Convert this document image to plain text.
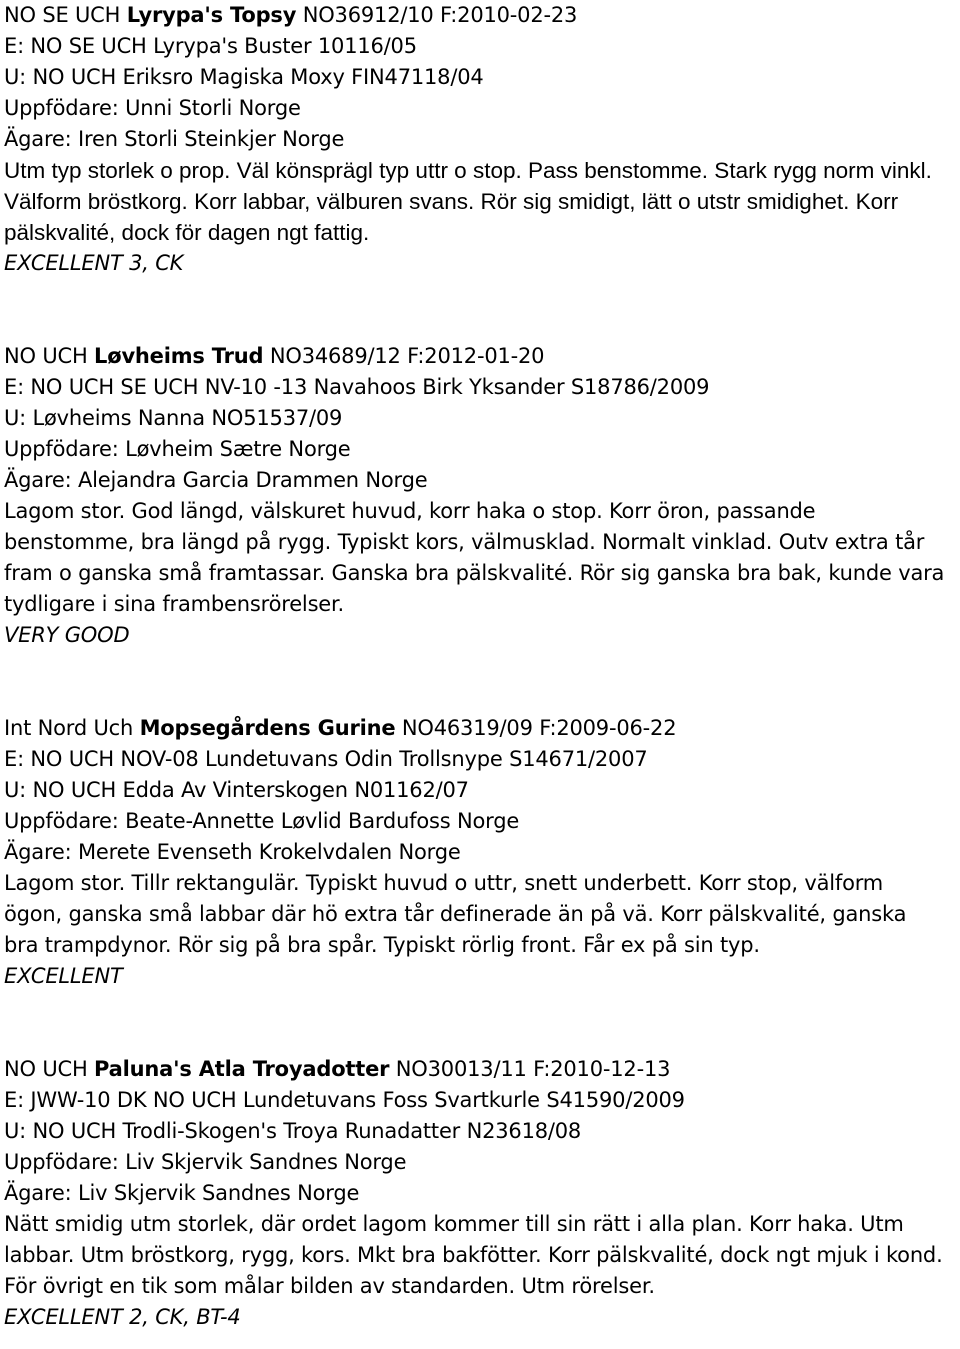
NO SE UCH Lyrypa's Topsy NO36912/10 F:2010-02-23
E: NO SE UCH Lyrypa's Buster 10116/05
U: NO UCH Eriksro Magiska Moxy FIN47118/04
Uppfödare: Unni Storli Norge
Ägare: Iren Storli Steinkjer Norge
Utm typ storlek o prop. Väl könsprägl typ uttr o stop. Pass benstomme. Stark rygg norm vinkl. Välform bröstkorg. Korr labbar, välburen svans. Rör sig smidigt, lätt o utstr smidighet. Korr pälskvalité, dock för dagen ngt fattig.
EXCELLENT 3, CK
NO UCH Løvheims Trud NO34689/12 F:2012-01-20
E: NO UCH SE UCH NV-10 -13 Navahoos Birk Yksander S18786/2009
U: Løvheims Nanna NO51537/09
Uppfödare: Løvheim Sætre Norge
Ägare: Alejandra Garcia Drammen Norge
Lagom stor. God längd, välskuret huvud, korr haka o stop. Korr öron, passande benstomme, bra längd på rygg. Typiskt kors, välmusklad. Normalt vinklad. Outv extra tår fram o ganska små framtassar. Ganska bra pälskvalité. Rör sig ganska bra bak, kunde vara tydligare i sina frambensrörelser.
VERY GOOD
Int Nord Uch Mopsegårdens Gurine NO46319/09 F:2009-06-22
E: NO UCH NOV-08 Lundetuvans Odin Trollsnype S14671/2007
U: NO UCH Edda Av Vinterskogen N01162/07
Uppfödare: Beate-Annette Løvlid Bardufoss Norge
Ägare: Merete Evenseth Krokelvdalen Norge
Lagom stor. Tillr rektangulär. Typiskt huvud o uttr, snett underbett. Korr stop, välform ögon, ganska små labbar där hö extra tår definerade än på vä. Korr pälskvalité, ganska bra trampdynor. Rör sig på bra spår. Typiskt rörlig front. Får ex på sin typ.
EXCELLENT
NO UCH Paluna's Atla Troyadotter NO30013/11 F:2010-12-13
E: JWW-10 DK NO UCH Lundetuvans Foss Svartkurle S41590/2009
U: NO UCH Trodli-Skogen's Troya Runadatter N23618/08
Uppfödare: Liv Skjervik Sandnes Norge
Ägare: Liv Skjervik Sandnes Norge
Nätt smidig utm storlek, där ordet lagom kommer till sin rätt i alla plan. Korr haka. Utm labbar. Utm bröstkorg, rygg, kors. Mkt bra bakfötter. Korr pälskvalité, dock ngt mjuk i kond. För övrigt en tik som målar bilden av standarden. Utm rörelser.
EXCELLENT 2, CK, BT-4
